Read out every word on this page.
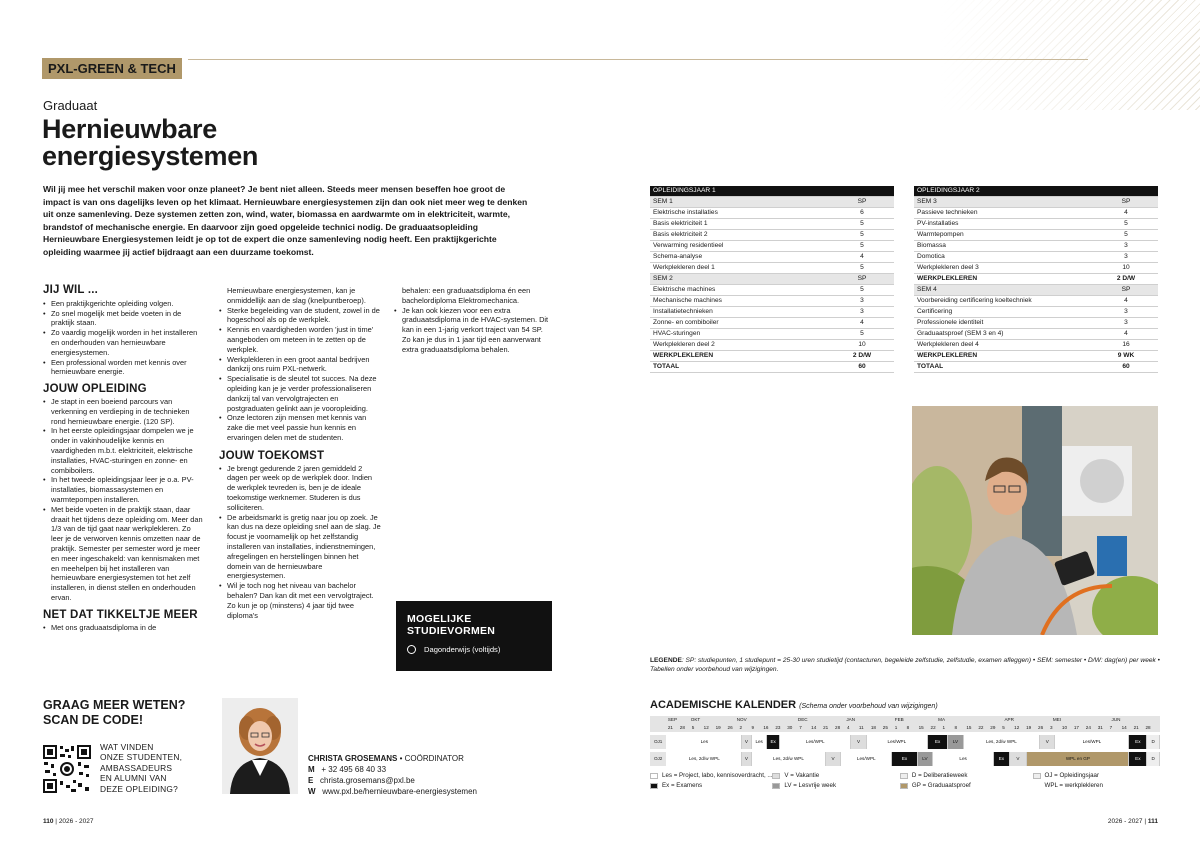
PXL-GREEN & TECH
Graduaat
Hernieuwbare
energiesystemen
Wil jij mee het verschil maken voor onze planeet? Je bent niet alleen. Steeds meer mensen beseffen hoe groot de impact is van ons dagelijks leven op het klimaat. Hernieuwbare energiesystemen zijn dan ook niet meer weg te denken uit onze samenleving. Deze systemen zetten zon, wind, water, biomassa en aardwarmte om in elektriciteit, warmte, brandstof of mechanische energie. En daarvoor zijn goed opgeleide technici nodig. De graduaatsopleiding Hernieuwbare Energiesystemen leidt je op tot de expert die onze samenleving nodig heeft. Een praktijkgerichte opleiding waarmee jij actief bijdraagt aan een duurzame toekomst.
JIJ WIL ...
• Een praktijkgerichte opleiding volgen.
• Zo snel mogelijk met beide voeten in de praktijk staan.
• Zo vaardig mogelijk worden in het installeren en onderhouden van hernieuwbare energiesystemen.
• Een professional worden met kennis over hernieuwbare energie.
JOUW OPLEIDING
• Je stapt in een boeiend parcours van verkenning en verdieping in de technieken rond hernieuwbare energie. (120 SP).
• In het eerste opleidingsjaar dompelen we je onder in vakinhoudelijke kennis en vaardigheden m.b.t. elektriciteit, elektrische installaties, HVAC-sturingen en zonne- en combiboilers.
• In het tweede opleidingsjaar leer je o.a. PV-installaties, biomassasystemen en warmtepompen installeren.
• Met beide voeten in de praktijk staan, daar draait het tijdens deze opleiding om. Meer dan 1/3 van de tijd gaat naar werkplekleren. Zo leer je de verworven kennis omzetten naar de praktijk. Semester per semester word je meer en meer ingeschakeld: van kennismaken met en meehelpen bij het installeren van hernieuwbare energiesystemen tot het zelf installeren, in dienst stellen en onderhouden ervan.
NET DAT TIKKELTJE MEER
• Met ons graduaatsdiploma in de
Hernieuwbare energiesystemen, kan je onmiddellijk aan de slag (knelpuntberoep).
• Sterke begeleiding van de student, zowel in de hogeschool als op de werkplek.
• Kennis en vaardigheden worden 'just in time' aangeboden om meteen in te zetten op de werkplek.
• Werkplekleren in een groot aantal bedrijven dankzij ons ruim PXL-netwerk.
• Specialisatie is de sleutel tot succes. Na deze opleiding kan je je verder professionaliseren dankzij tal van vervolgtrajecten en postgraduaten gelinkt aan je vooropleiding.
• Onze lectoren zijn mensen met kennis van zake die met veel passie hun kennis en ervaringen delen met de studenten.
JOUW TOEKOMST
• Je brengt gedurende 2 jaren gemiddeld 2 dagen per week op de werkplek door. Indien de werkplek tevreden is, ben je de ideale toekomstige werknemer. Studeren is dus solliciteren.
• De arbeidsmarkt is gretig naar jou op zoek. Je kan dus na deze opleiding snel aan de slag. Je focust je voornamelijk op het zelfstandig installeren van installaties, indienstnemingen, afregelingen en herstellingen binnen het domein van de hernieuwbare energiesystemen.
• Wil je toch nog het niveau van bachelor behalen? Dan kan dit met een vervolgtraject. Zo kun je op (minstens) 4 jaar tijd twee diploma's
behalen: een graduaatsdiploma én een bachelordiploma Elektromechanica.
• Je kan ook kiezen voor een extra graduaatsdiploma in de HVAC-systemen. Dit kan in een 1-jarig verkort traject van 54 SP. Zo kan je dus in 1 jaar tijd een aanverwant extra graduaatsdiploma behalen.
MOGELIJKE
STUDIEVORMEN
Dagonderwijs (voltijds)
GRAAG MEER WETEN?
SCAN DE CODE!
WAT VINDEN
ONZE STUDENTEN,
AMBASSADEURS
EN ALUMNI VAN
DEZE OPLEIDING?
CHRISTA GROSEMANS • COÖRDINATOR
M + 32 495 68 40 33
E christa.grosemans@pxl.be
W www.pxl.be/hernieuwbare-energiesystemen
110 | 2026 - 2027	2026 - 2027 | 111
OPLEIDINGSJAAR 1	
SEM 1	SP
Elektrische installaties	6
Basis elektriciteit 1	5
Basis elektriciteit 2	5
Verwarming residentieel	5
Schema-analyse	4
Werkplekleren deel 1	5
SEM 2	SP
Elektrische machines	5
Mechanische machines	3
Installatietechnieken	3
Zonne- en combiboiler	4
HVAC-sturingen	5
Werkplekleren deel 2	10
WERKPLEKLEREN	2 D/W
TOTAAL	60
OPLEIDINGSJAAR 2	
SEM 3	SP
Passieve technieken	4
PV-installaties	5
Warmtepompen	5
Biomassa	3
Domotica	3
Werkplekleren deel 3	10
WERKPLEKLEREN	2 D/W
SEM 4	SP
Voorbereiding certificering koeltechniek	4
Certificering	3
Professionele identiteit	3
Graduaatsproef (SEM 3 en 4)	4
Werkplekleren deel 4	16
WERKPLEKLEREN	9 WK
TOTAAL	60
LEGENDE: SP: studiepunten, 1 studiepunt = 25-30 uren studietijd (contacturen, begeleide zelfstudie, zelfstudie, examen afleggen) • SEM: semester • D/W: dag(en) per week • Tabellen onder voorbehoud van wijzigingen.
ACADEMISCHE KALENDER (Schema onder voorbehoud van wijzigingen)
SEP	OKT	NOV	DEC	JAN	FEB	MA	APR	MEI	JUN
21 28 5 12 19 26 2 9 16 23 30 7 14 21 28 4 11 18 25 1 8 15 22 1 8 15 22 29 5 12 19 26 3 10 17 24 31 7 14 21 28
OJ1	Les	V	Les	Ex	Les/WPL	V	Les/WPL	Ex	LV	Les, 2d/w WPL	V	Les/WPL	Ex	D
OJ2	Les, 2d/w WPL	V	Les, 2d/w WPL	V	Les/WPL	Ex	LV	Les	Ex	V	WPL en GP	Ex	D
Les = Project, labo, kennisoverdracht, ... V = Vakantie	D = Deliberatieweek	OJ = Opleidingsjaar
Ex = Examens	LV = Lesvrije week	GP = Graduaatsproef	WPL = werkplekleren
